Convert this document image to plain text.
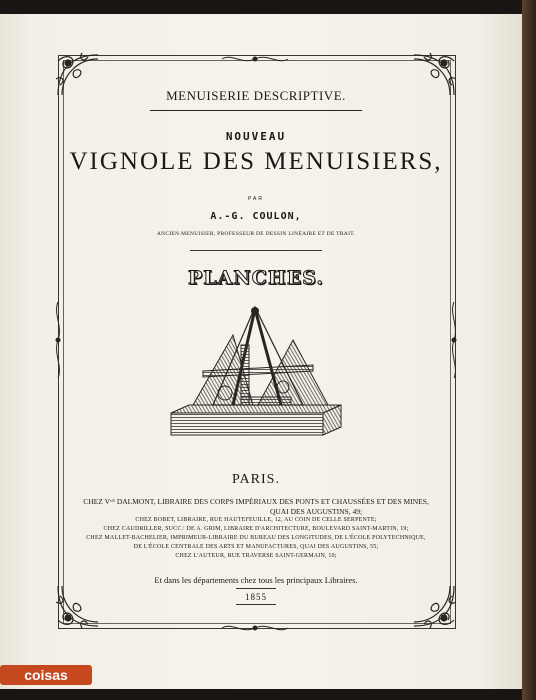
MENUISERIE DESCRIPTIVE.
NOUVEAU
VIGNOLE DES MENUISIERS,
PAR
A.-G. COULON,
ANCIEN MENUISIER, PROFESSEUR DE DESSIN LINÉAIRE ET DE TRAIT.
PLANCHES.
PARIS.
CHEZ Vᵛᴱ DALMONT, LIBRAIRE DES CORPS IMPÉRIAUX DES PONTS ET CHAUSSÉES ET DES MINES,
QUAI DES AUGUSTINS, 49;
CHEZ BOBET, LIBRAIRE, RUE HAUTEFEUILLE, 12, AU COIN DE CELLE SERPENTE;
CHEZ CAUDRILLER, SUCC.ʳ DE A. GRIM, LIBRAIRE D'ARCHITECTURE, BOULEVARD SAINT-MARTIN, 19;
CHEZ MALLET-BACHELIER, IMPRIMEUR-LIBRAIRE DU BUREAU DES LONGITUDES, DE L'ÉCOLE POLYTECHNIQUE,
DE L'ÉCOLE CENTRALE DES ARTS ET MANUFACTURES, QUAI DES AUGUSTINS, 55;
CHEZ L'AUTEUR, RUE TRAVERSE SAINT-GERMAIN, 10;
Et dans les départements chez tous les principaux Libraires.
1855
coisas
